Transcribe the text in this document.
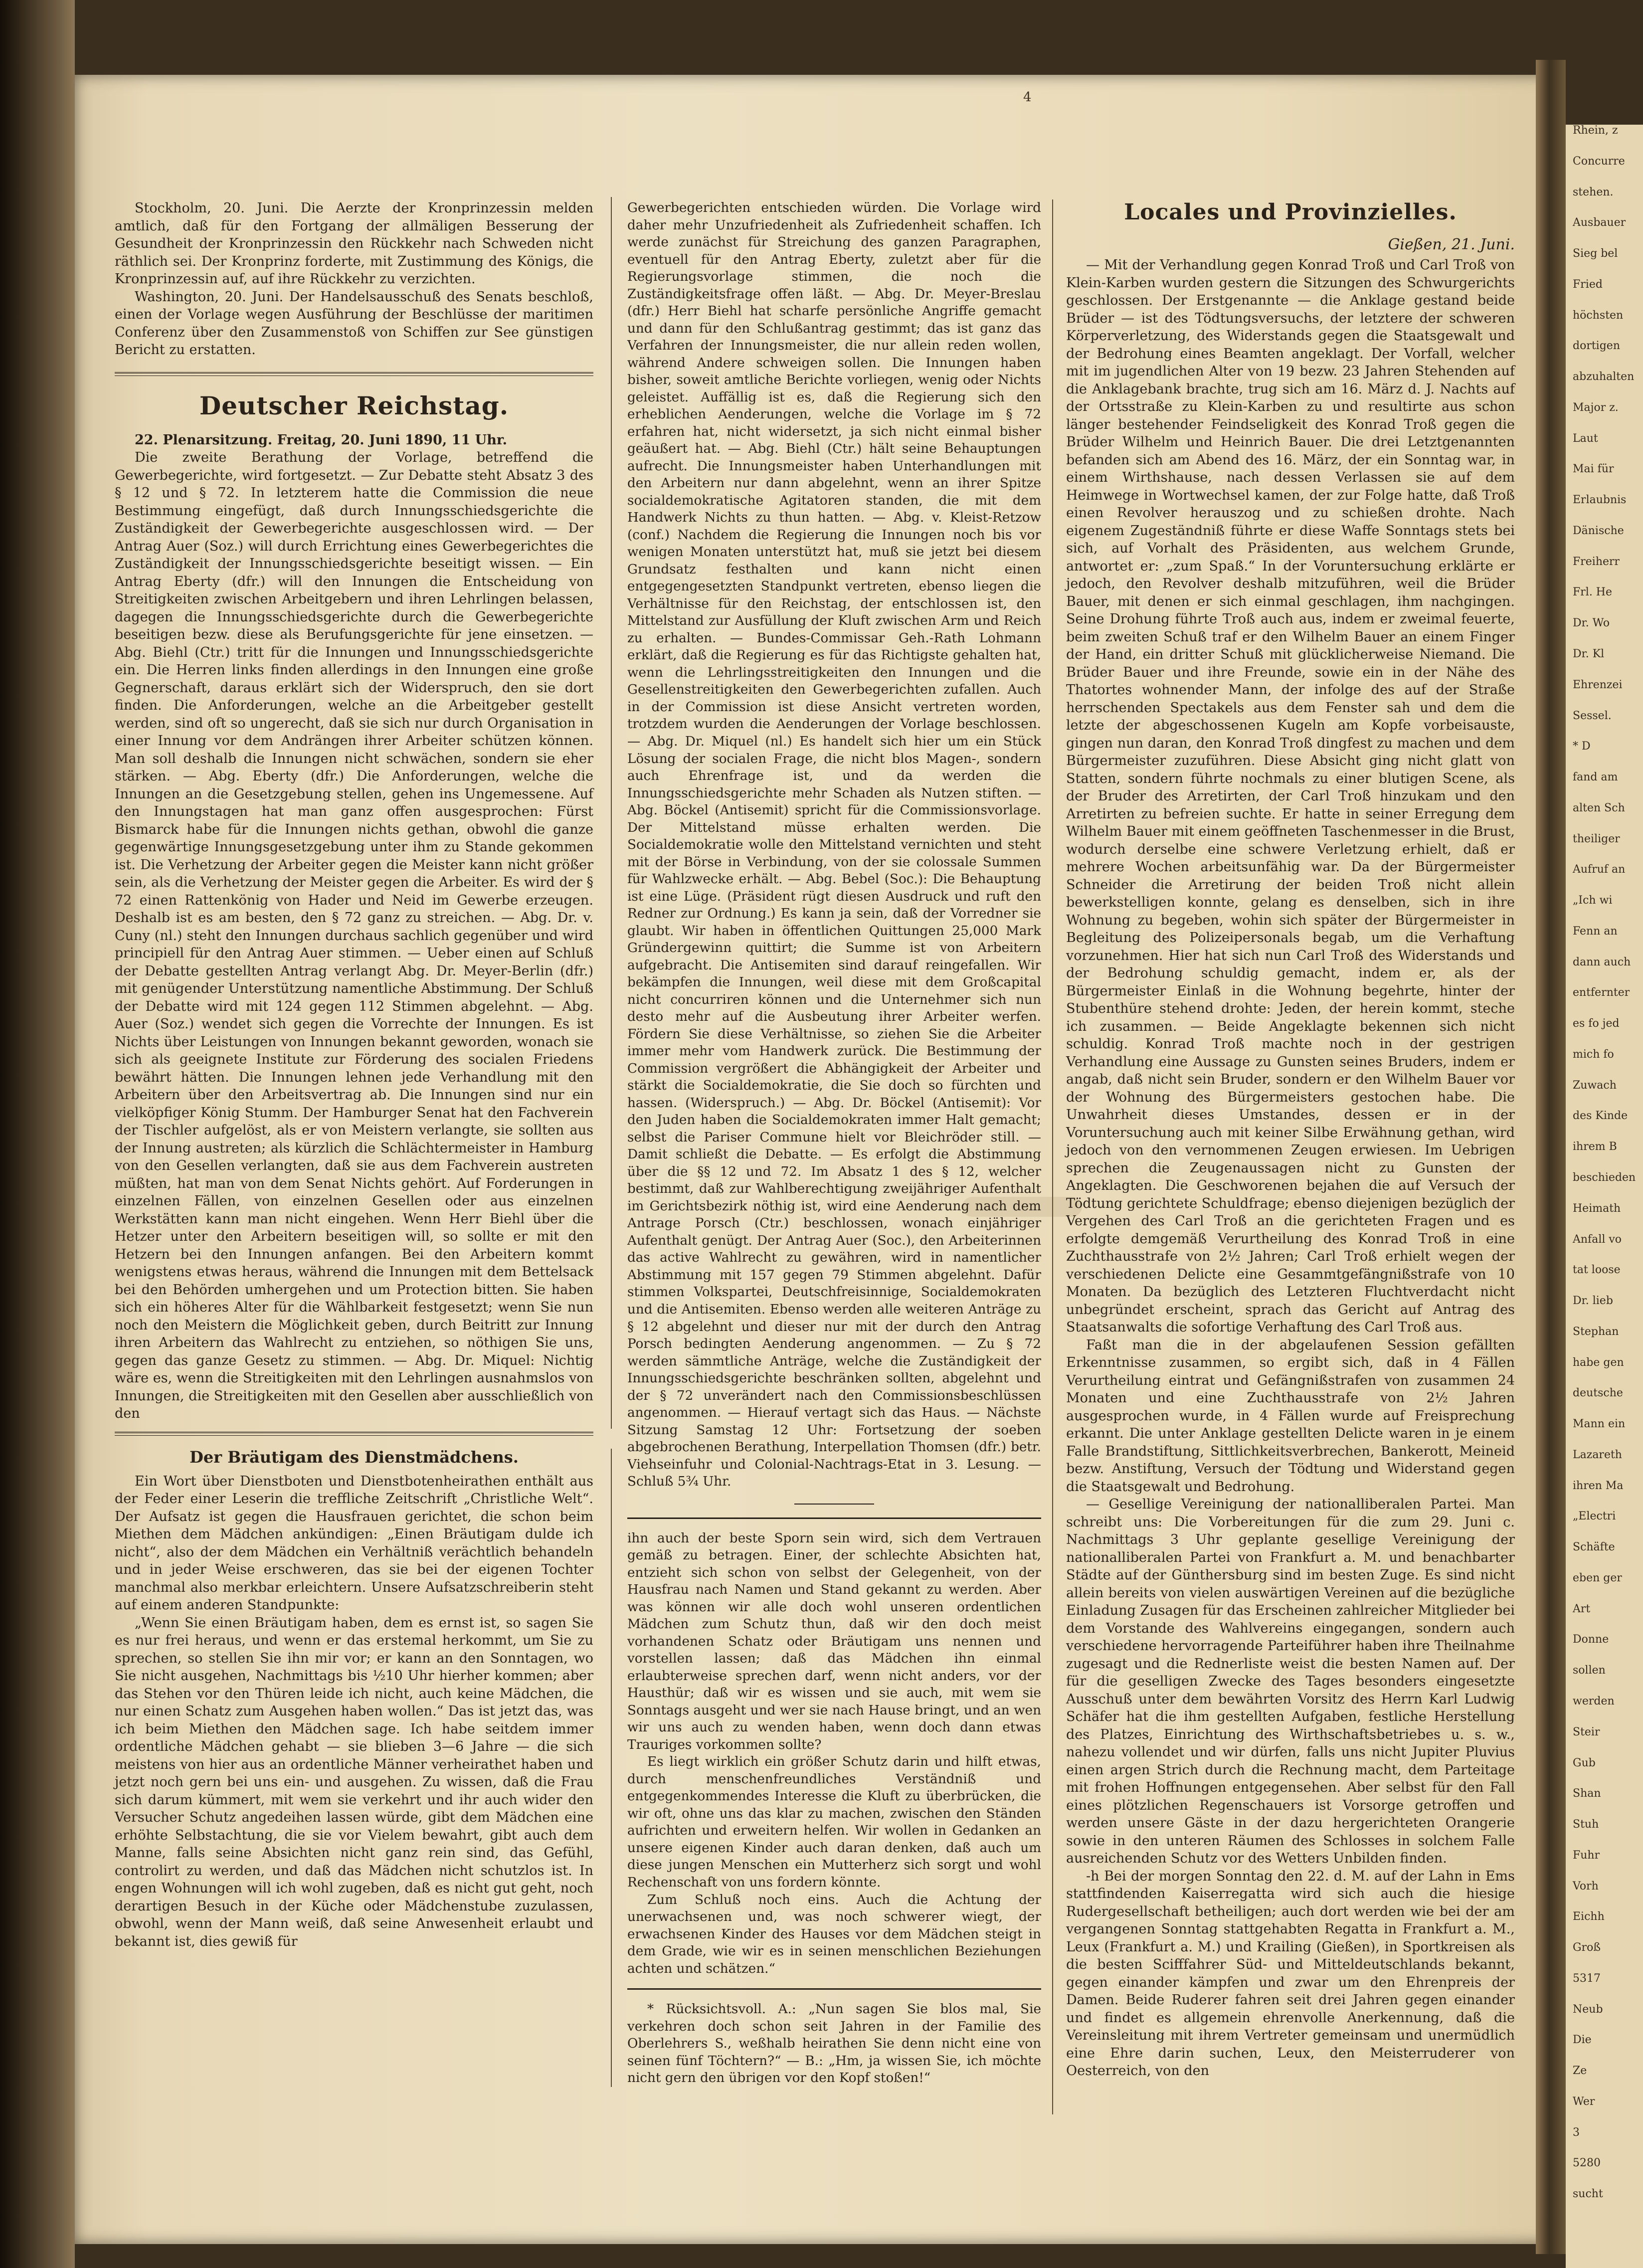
Rhein, z
Concurre
stehen.
Ausbauer
Sieg bel
Fried
höchsten
dortigen
abzuhalten
Major z.
Laut
Mai für
Erlaubnis
Dänische
Freiherr
Frl. He
Dr. Wo
Dr. Kl
Ehrenzei
Sessel.
* D
fand am
alten Sch
theiliger
Aufruf an
„Ich wi
Fenn an
dann auch
entfernter
es fo jed
mich fo
Zuwach
des Kinde
ihrem B
beschieden
Heimath
Anfall vo
tat loose
Dr. lieb
Stephan
habe gen
deutsche
Mann ein
Lazareth
ihren Ma
„Electri
Schäfte
eben ger
Art
Donne
sollen
werden
Steir
Gub
Shan
Stuh
Fuhr
Vorh
Eichh
Groß
5317
Neub
Die
Ze
Wer
3
5280
sucht
4

Stockholm, 20. Juni. Die Aerzte der Kronprinzessin melden amtlich, daß für den Fortgang der allmäligen Besserung der Gesundheit der Kronprinzessin den Rückkehr nach Schweden nicht räthlich sei. Der Kronprinz forderte, mit Zustimmung des Königs, die Kronprinzessin auf, auf ihre Rückkehr zu verzichten.

Washington, 20. Juni. Der Handelsausschuß des Senats beschloß, einen der Vorlage wegen Ausführung der Beschlüsse der maritimen Conferenz über den Zusammenstoß von Schiffen zur See günstigen Bericht zu erstatten.

Deutscher Reichstag.

22. Plenarsitzung. Freitag, 20. Juni 1890, 11 Uhr.

Die zweite Berathung der Vorlage, betreffend die Gewerbegerichte, wird fortgesetzt. — Zur Debatte steht Absatz 3 des § 12 und § 72. In letzterem hatte die Commission die neue Bestimmung eingefügt, daß durch Innungsschiedsgerichte die Zuständigkeit der Gewerbegerichte ausgeschlossen wird. — Der Antrag Auer (Soz.) will durch Errichtung eines Gewerbegerichtes die Zuständigkeit der Innungsschiedsgerichte beseitigt wissen. — Ein Antrag Eberty (dfr.) will den Innungen die Entscheidung von Streitigkeiten zwischen Arbeitgebern und ihren Lehrlingen belassen, dagegen die Innungsschiedsgerichte durch die Gewerbegerichte beseitigen bezw. diese als Berufungsgerichte für jene einsetzen. — Abg. Biehl (Ctr.) tritt für die Innungen und Innungsschiedsgerichte ein. Die Herren links finden allerdings in den Innungen eine große Gegnerschaft, daraus erklärt sich der Widerspruch, den sie dort finden. Die Anforderungen, welche an die Arbeitgeber gestellt werden, sind oft so ungerecht, daß sie sich nur durch Organisation in einer Innung vor dem Andrängen ihrer Arbeiter schützen können. Man soll deshalb die Innungen nicht schwächen, sondern sie eher stärken. — Abg. Eberty (dfr.) Die Anforderungen, welche die Innungen an die Gesetzgebung stellen, gehen ins Ungemessene. Auf den Innungstagen hat man ganz offen ausgesprochen: Fürst Bismarck habe für die Innungen nichts gethan, obwohl die ganze gegenwärtige Innungsgesetzgebung unter ihm zu Stande gekommen ist. Die Verhetzung der Arbeiter gegen die Meister kann nicht größer sein, als die Verhetzung der Meister gegen die Arbeiter. Es wird der § 72 einen Rattenkönig von Hader und Neid im Gewerbe erzeugen. Deshalb ist es am besten, den § 72 ganz zu streichen. — Abg. Dr. v. Cuny (nl.) steht den Innungen durchaus sachlich gegenüber und wird principiell für den Antrag Auer stimmen. — Ueber einen auf Schluß der Debatte gestellten Antrag verlangt Abg. Dr. Meyer-Berlin (dfr.) mit genügender Unterstützung namentliche Abstimmung. Der Schluß der Debatte wird mit 124 gegen 112 Stimmen abgelehnt. — Abg. Auer (Soz.) wendet sich gegen die Vorrechte der Innungen. Es ist Nichts über Leistungen von Innungen bekannt geworden, wonach sie sich als geeignete Institute zur Förderung des socialen Friedens bewährt hätten. Die Innungen lehnen jede Verhandlung mit den Arbeitern über den Arbeitsvertrag ab. Die Innungen sind nur ein vielköpfiger König Stumm. Der Hamburger Senat hat den Fachverein der Tischler aufgelöst, als er von Meistern verlangte, sie sollten aus der Innung austreten; als kürzlich die Schlächtermeister in Hamburg von den Gesellen verlangten, daß sie aus dem Fachverein austreten müßten, hat man von dem Senat Nichts gehört. Auf Forderungen in einzelnen Fällen, von einzelnen Gesellen oder aus einzelnen Werkstätten kann man nicht eingehen. Wenn Herr Biehl über die Hetzer unter den Arbeitern beseitigen will, so sollte er mit den Hetzern bei den Innungen anfangen. Bei den Arbeitern kommt wenigstens etwas heraus, während die Innungen mit dem Bettelsack bei den Behörden umhergehen und um Protection bitten. Sie haben sich ein höheres Alter für die Wählbarkeit festgesetzt; wenn Sie nun noch den Meistern die Möglichkeit geben, durch Beitritt zur Innung ihren Arbeitern das Wahlrecht zu entziehen, so nöthigen Sie uns, gegen das ganze Gesetz zu stimmen. — Abg. Dr. Miquel: Nichtig wäre es, wenn die Streitigkeiten mit den Lehrlingen ausnahmslos von Innungen, die Streitigkeiten mit den Gesellen aber ausschließlich von den

Der Bräutigam des Dienstmädchens.

Ein Wort über Dienstboten und Dienstbotenheirathen enthält aus der Feder einer Leserin die treffliche Zeitschrift „Christliche Welt“. Der Aufsatz ist gegen die Hausfrauen gerichtet, die schon beim Miethen dem Mädchen ankündigen: „Einen Bräutigam dulde ich nicht“, also der dem Mädchen ein Verhältniß verächtlich behandeln und in jeder Weise erschweren, das sie bei der eigenen Tochter manchmal also merkbar erleichtern. Unsere Aufsatzschreiberin steht auf einem anderen Standpunkte:

„Wenn Sie einen Bräutigam haben, dem es ernst ist, so sagen Sie es nur frei heraus, und wenn er das erstemal herkommt, um Sie zu sprechen, so stellen Sie ihn mir vor; er kann an den Sonntagen, wo Sie nicht ausgehen, Nachmittags bis ½10 Uhr hierher kommen; aber das Stehen vor den Thüren leide ich nicht, auch keine Mädchen, die nur einen Schatz zum Ausgehen haben wollen.“ Das ist jetzt das, was ich beim Miethen den Mädchen sage. Ich habe seitdem immer ordentliche Mädchen gehabt — sie blieben 3—6 Jahre — die sich meistens von hier aus an ordentliche Männer verheirathet haben und jetzt noch gern bei uns ein- und ausgehen. Zu wissen, daß die Frau sich darum kümmert, mit wem sie verkehrt und ihr auch wider den Versucher Schutz angedeihen lassen würde, gibt dem Mädchen eine erhöhte Selbstachtung, die sie vor Vielem bewahrt, gibt auch dem Manne, falls seine Absichten nicht ganz rein sind, das Gefühl, controlirt zu werden, und daß das Mädchen nicht schutzlos ist. In engen Wohnungen will ich wohl zugeben, daß es nicht gut geht, noch derartigen Besuch in der Küche oder Mädchenstube zuzulassen, obwohl, wenn der Mann weiß, daß seine Anwesenheit erlaubt und bekannt ist, dies gewiß für

Gewerbegerichten entschieden würden. Die Vorlage wird daher mehr Unzufriedenheit als Zufriedenheit schaffen. Ich werde zunächst für Streichung des ganzen Paragraphen, eventuell für den Antrag Eberty, zuletzt aber für die Regierungsvorlage stimmen, die noch die Zuständigkeitsfrage offen läßt. — Abg. Dr. Meyer-Breslau (dfr.) Herr Biehl hat scharfe persönliche Angriffe gemacht und dann für den Schlußantrag gestimmt; das ist ganz das Verfahren der Innungsmeister, die nur allein reden wollen, während Andere schweigen sollen. Die Innungen haben bisher, soweit amtliche Berichte vorliegen, wenig oder Nichts geleistet. Auffällig ist es, daß die Regierung sich den erheblichen Aenderungen, welche die Vorlage im § 72 erfahren hat, nicht widersetzt, ja sich nicht einmal bisher geäußert hat. — Abg. Biehl (Ctr.) hält seine Behauptungen aufrecht. Die Innungsmeister haben Unterhandlungen mit den Arbeitern nur dann abgelehnt, wenn an ihrer Spitze socialdemokratische Agitatoren standen, die mit dem Handwerk Nichts zu thun hatten. — Abg. v. Kleist-Retzow (conf.) Nachdem die Regierung die Innungen noch bis vor wenigen Monaten unterstützt hat, muß sie jetzt bei diesem Grundsatz festhalten und kann nicht einen entgegengesetzten Standpunkt vertreten, ebenso liegen die Verhältnisse für den Reichstag, der entschlossen ist, den Mittelstand zur Ausfüllung der Kluft zwischen Arm und Reich zu erhalten. — Bundes-Commissar Geh.-Rath Lohmann erklärt, daß die Regierung es für das Richtigste gehalten hat, wenn die Lehrlingsstreitigkeiten den Innungen und die Gesellenstreitigkeiten den Gewerbegerichten zufallen. Auch in der Commission ist diese Ansicht vertreten worden, trotzdem wurden die Aenderungen der Vorlage beschlossen. — Abg. Dr. Miquel (nl.) Es handelt sich hier um ein Stück Lösung der socialen Frage, die nicht blos Magen-, sondern auch Ehrenfrage ist, und da werden die Innungsschiedsgerichte mehr Schaden als Nutzen stiften. — Abg. Böckel (Antisemit) spricht für die Commissionsvorlage. Der Mittelstand müsse erhalten werden. Die Socialdemokratie wolle den Mittelstand vernichten und steht mit der Börse in Verbindung, von der sie colossale Summen für Wahlzwecke erhält. — Abg. Bebel (Soc.): Die Behauptung ist eine Lüge. (Präsident rügt diesen Ausdruck und ruft den Redner zur Ordnung.) Es kann ja sein, daß der Vorredner sie glaubt. Wir haben in öffentlichen Quittungen 25,000 Mark Gründergewinn quittirt; die Summe ist von Arbeitern aufgebracht. Die Antisemiten sind darauf reingefallen. Wir bekämpfen die Innungen, weil diese mit dem Großcapital nicht concurriren können und die Unternehmer sich nun desto mehr auf die Ausbeutung ihrer Arbeiter werfen. Fördern Sie diese Verhältnisse, so ziehen Sie die Arbeiter immer mehr vom Handwerk zurück. Die Bestimmung der Commission vergrößert die Abhängigkeit der Arbeiter und stärkt die Socialdemokratie, die Sie doch so fürchten und hassen. (Widerspruch.) — Abg. Dr. Böckel (Antisemit): Vor den Juden haben die Socialdemokraten immer Halt gemacht; selbst die Pariser Commune hielt vor Bleichröder still. — Damit schließt die Debatte. — Es erfolgt die Abstimmung über die §§ 12 und 72. Im Absatz 1 des § 12, welcher bestimmt, daß zur Wahlberechtigung zweijähriger Aufenthalt im Gerichtsbezirk nöthig ist, wird eine Aenderung nach dem Antrage Porsch (Ctr.) beschlossen, wonach einjähriger Aufenthalt genügt. Der Antrag Auer (Soc.), den Arbeiterinnen das active Wahlrecht zu gewähren, wird in namentlicher Abstimmung mit 157 gegen 79 Stimmen abgelehnt. Dafür stimmen Volkspartei, Deutschfreisinnige, Socialdemokraten und die Antisemiten. Ebenso werden alle weiteren Anträge zu § 12 abgelehnt und dieser nur mit der durch den Antrag Porsch bedingten Aenderung angenommen. — Zu § 72 werden sämmtliche Anträge, welche die Zuständigkeit der Innungsschiedsgerichte beschränken sollten, abgelehnt und der § 72 unverändert nach den Commissionsbeschlüssen angenommen. — Hierauf vertagt sich das Haus. — Nächste Sitzung Samstag 12 Uhr: Fortsetzung der soeben abgebrochenen Berathung, Interpellation Thomsen (dfr.) betr. Viehseinfuhr und Colonial-Nachtrags-Etat in 3. Lesung. — Schluß 5¾ Uhr.

ihn auch der beste Sporn sein wird, sich dem Vertrauen gemäß zu betragen. Einer, der schlechte Absichten hat, entzieht sich schon von selbst der Gelegenheit, von der Hausfrau nach Namen und Stand gekannt zu werden. Aber was können wir alle doch wohl unseren ordentlichen Mädchen zum Schutz thun, daß wir den doch meist vorhandenen Schatz oder Bräutigam uns nennen und vorstellen lassen; daß das Mädchen ihn einmal erlaubterweise sprechen darf, wenn nicht anders, vor der Hausthür; daß wir es wissen und sie auch, mit wem sie Sonntags ausgeht und wer sie nach Hause bringt, und an wen wir uns auch zu wenden haben, wenn doch dann etwas Trauriges vorkommen sollte?

Es liegt wirklich ein größer Schutz darin und hilft etwas, durch menschenfreundliches Verständniß und entgegenkommendes Interesse die Kluft zu überbrücken, die wir oft, ohne uns das klar zu machen, zwischen den Ständen aufrichten und erweitern helfen. Wir wollen in Gedanken an unsere eigenen Kinder auch daran denken, daß auch um diese jungen Menschen ein Mutterherz sich sorgt und wohl Rechenschaft von uns fordern könnte.

Zum Schluß noch eins. Auch die Achtung der unerwachsenen und, was noch schwerer wiegt, der erwachsenen Kinder des Hauses vor dem Mädchen steigt in dem Grade, wie wir es in seinen menschlichen Beziehungen achten und schätzen.“

* Rücksichtsvoll. A.: „Nun sagen Sie blos mal, Sie verkehren doch schon seit Jahren in der Familie des Oberlehrers S., weßhalb heirathen Sie denn nicht eine von seinen fünf Töchtern?“ — B.: „Hm, ja wissen Sie, ich möchte nicht gern den übrigen vor den Kopf stoßen!“

Locales und Provinzielles.
Gießen, 21. Juni.

— Mit der Verhandlung gegen Konrad Troß und Carl Troß von Klein-Karben wurden gestern die Sitzungen des Schwurgerichts geschlossen. Der Erstgenannte — die Anklage gestand beide Brüder — ist des Tödtungsversuchs, der letztere der schweren Körperverletzung, des Widerstands gegen die Staatsgewalt und der Bedrohung eines Beamten angeklagt. Der Vorfall, welcher mit im jugendlichen Alter von 19 bezw. 23 Jahren Stehenden auf die Anklagebank brachte, trug sich am 16. März d. J. Nachts auf der Ortsstraße zu Klein-Karben zu und resultirte aus schon länger bestehender Feindseligkeit des Konrad Troß gegen die Brüder Wilhelm und Heinrich Bauer. Die drei Letztgenannten befanden sich am Abend des 16. März, der ein Sonntag war, in einem Wirthshause, nach dessen Verlassen sie auf dem Heimwege in Wortwechsel kamen, der zur Folge hatte, daß Troß einen Revolver herauszog und zu schießen drohte. Nach eigenem Zugeständniß führte er diese Waffe Sonntags stets bei sich, auf Vorhalt des Präsidenten, aus welchem Grunde, antwortet er: „zum Spaß.“ In der Voruntersuchung erklärte er jedoch, den Revolver deshalb mitzuführen, weil die Brüder Bauer, mit denen er sich einmal geschlagen, ihm nachgingen. Seine Drohung führte Troß auch aus, indem er zweimal feuerte, beim zweiten Schuß traf er den Wilhelm Bauer an einem Finger der Hand, ein dritter Schuß mit glücklicherweise Niemand. Die Brüder Bauer und ihre Freunde, sowie ein in der Nähe des Thatortes wohnender Mann, der infolge des auf der Straße herrschenden Spectakels aus dem Fenster sah und dem die letzte der abgeschossenen Kugeln am Kopfe vorbeisauste, gingen nun daran, den Konrad Troß dingfest zu machen und dem Bürgermeister zuzuführen. Diese Absicht ging nicht glatt von Statten, sondern führte nochmals zu einer blutigen Scene, als der Bruder des Arretirten, der Carl Troß hinzukam und den Arretirten zu befreien suchte. Er hatte in seiner Erregung dem Wilhelm Bauer mit einem geöffneten Taschenmesser in die Brust, wodurch derselbe eine schwere Verletzung erhielt, daß er mehrere Wochen arbeitsunfähig war. Da der Bürgermeister Schneider die Arretirung der beiden Troß nicht allein bewerkstelligen konnte, gelang es denselben, sich in ihre Wohnung zu begeben, wohin sich später der Bürgermeister in Begleitung des Polizeipersonals begab, um die Verhaftung vorzunehmen. Hier hat sich nun Carl Troß des Widerstands und der Bedrohung schuldig gemacht, indem er, als der Bürgermeister Einlaß in die Wohnung begehrte, hinter der Stubenthüre stehend drohte: Jeden, der herein kommt, steche ich zusammen. — Beide Angeklagte bekennen sich nicht schuldig. Konrad Troß machte noch in der gestrigen Verhandlung eine Aussage zu Gunsten seines Bruders, indem er angab, daß nicht sein Bruder, sondern er den Wilhelm Bauer vor der Wohnung des Bürgermeisters gestochen habe. Die Unwahrheit dieses Umstandes, dessen er in der Voruntersuchung auch mit keiner Silbe Erwähnung gethan, wird jedoch von den vernommenen Zeugen erwiesen. Im Uebrigen sprechen die Zeugenaussagen nicht zu Gunsten der Angeklagten. Die Geschworenen bejahen die auf Versuch der Tödtung gerichtete Schuldfrage; ebenso diejenigen bezüglich der Vergehen des Carl Troß an die gerichteten Fragen und es erfolgte demgemäß Verurtheilung des Konrad Troß in eine Zuchthausstrafe von 2½ Jahren; Carl Troß erhielt wegen der verschiedenen Delicte eine Gesammtgefängnißstrafe von 10 Monaten. Da bezüglich des Letzteren Fluchtverdacht nicht unbegründet erscheint, sprach das Gericht auf Antrag des Staatsanwalts die sofortige Verhaftung des Carl Troß aus.

Faßt man die in der abgelaufenen Session gefällten Erkenntnisse zusammen, so ergibt sich, daß in 4 Fällen Verurtheilung eintrat und Gefängnißstrafen von zusammen 24 Monaten und eine Zuchthausstrafe von 2½ Jahren ausgesprochen wurde, in 4 Fällen wurde auf Freisprechung erkannt. Die unter Anklage gestellten Delicte waren in je einem Falle Brandstiftung, Sittlichkeitsverbrechen, Bankerott, Meineid bezw. Anstiftung, Versuch der Tödtung und Widerstand gegen die Staatsgewalt und Bedrohung.

— Gesellige Vereinigung der nationalliberalen Partei. Man schreibt uns: Die Vorbereitungen für die zum 29. Juni c. Nachmittags 3 Uhr geplante gesellige Vereinigung der nationalliberalen Partei von Frankfurt a. M. und benachbarter Städte auf der Günthersburg sind im besten Zuge. Es sind nicht allein bereits von vielen auswärtigen Vereinen auf die bezügliche Einladung Zusagen für das Erscheinen zahlreicher Mitglieder bei dem Vorstande des Wahlvereins eingegangen, sondern auch verschiedene hervorragende Parteiführer haben ihre Theilnahme zugesagt und die Rednerliste weist die besten Namen auf. Der für die geselligen Zwecke des Tages besonders eingesetzte Ausschuß unter dem bewährten Vorsitz des Herrn Karl Ludwig Schäfer hat die ihm gestellten Aufgaben, festliche Herstellung des Platzes, Einrichtung des Wirthschaftsbetriebes u. s. w., nahezu vollendet und wir dürfen, falls uns nicht Jupiter Pluvius einen argen Strich durch die Rechnung macht, dem Parteitage mit frohen Hoffnungen entgegensehen. Aber selbst für den Fall eines plötzlichen Regenschauers ist Vorsorge getroffen und werden unsere Gäste in der dazu hergerichteten Orangerie sowie in den unteren Räumen des Schlosses in solchem Falle ausreichenden Schutz vor des Wetters Unbilden finden.

-h Bei der morgen Sonntag den 22. d. M. auf der Lahn in Ems stattfindenden Kaiserregatta wird sich auch die hiesige Rudergesellschaft betheiligen; auch dort werden wie bei der am vergangenen Sonntag stattgehabten Regatta in Frankfurt a. M., Leux (Frankfurt a. M.) und Krailing (Gießen), in Sportkreisen als die besten Scifffahrer Süd- und Mitteldeutschlands bekannt, gegen einander kämpfen und zwar um den Ehrenpreis der Damen. Beide Ruderer fahren seit drei Jahren gegen einander und findet es allgemein ehrenvolle Anerkennung, daß die Vereinsleitung mit ihrem Vertreter gemeinsam und unermüdlich eine Ehre darin suchen, Leux, den Meisterruderer von Oesterreich, von den
